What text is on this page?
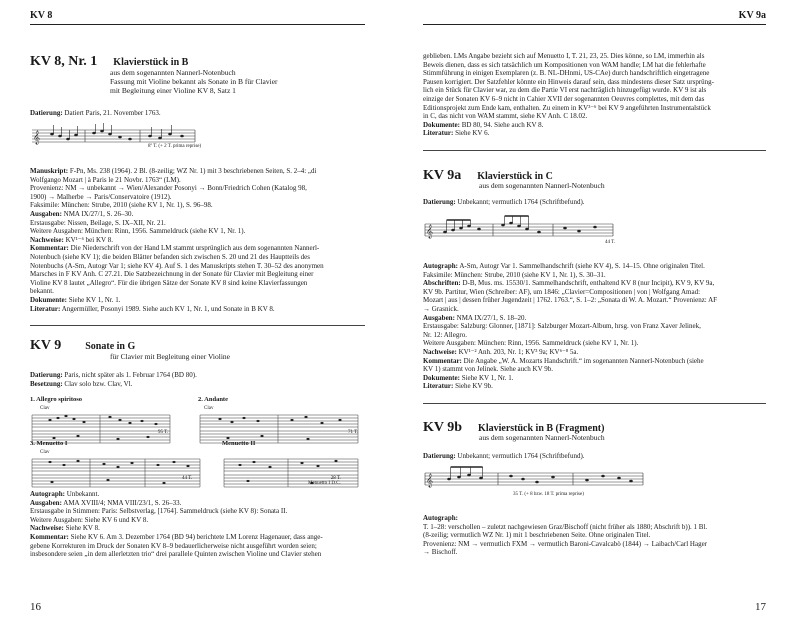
KV 8
KV 8, Nr. 1 Klavierstück in B

aus dem sogenannten Nannerl-Notenbuch

Fassung mit Violine bekannt als Sonate in B für Clavier

mit Begleitung einer Violine KV 8, Satz 1

Datierung: Datiert Paris, 21. November 1763.
𝄞
8º T. (+ 2 T. prima reprise)

Manuskript: F-Pn, Ms. 238 (1964). 2 Bl. (8-zeilig; WZ Nr. 1) mit 3 beschriebenen Seiten, S. 2–4: „di

Wolfgango Mozart | à Paris le 21 Novbr. 1763“ (LM).

Provenienz: NM → unbekannt → Wien/Alexander Posonyi → Bonn/Friedrich Cohen (Katalog 98,

1900) → Malherbe → Paris/Conservatoire (1912).

Faksimile: München: Strube, 2010 (siehe KV 1, Nr. 1), S. 96–98.

Ausgaben: NMA IX/27/1, S. 26–30.

Erstausgabe: Nissen, Beilage, S. IX–XII, Nr. 21.

Weitere Ausgaben: München: Rinn, 1956. Sammeldruck (siehe KV 1, Nr. 1).

Nachweise: KV¹⁻⁶ bei KV 8.

Kommentar: Die Niederschrift von der Hand LM stammt ursprünglich aus dem sogenannten Nannerl-

Notenbuch (siehe KV 1); die beiden Blätter befanden sich zwischen S. 20 und 21 des Hauptteils des

Notenbuchs (A-Sm, Autogr Var 1; siehe KV 4). Auf S. 1 des Manuskripts stehen T. 30–52 des anonymen

Marsches in F KV Anh. C 27.21. Die Satzbezeichnung in der Sonate für Clavier mit Begleitung einer

Violine KV 8 lautet „Allegro“. Für die übrigen Sätze der Sonate KV 8 sind keine Klavierfassungen

bekannt.

Dokumente: Siehe KV 1, Nr. 1.

Literatur: Angermüller, Posonyi 1989. Siehe auch KV 1, Nr. 1, und Sonate in B KV 8.

KV 9 Sonate in G

für Clavier mit Begleitung einer Violine

Datierung: Paris, nicht später als 1. Februar 1764 (BD 80).

Besetzung: Clav solo bzw. Clav, Vl.

1. Allegro spiritoso
Clav
95 T.
2. Andante
Clav
71 T.
3. Menuetto I
Clav
44 T.
Menuetto II
28 T.
Menuetto I D.C.

Autograph: Unbekannt.

Ausgaben: AMA XVIII/4; NMA VIII/23/1, S. 26–33.

Erstausgabe in Stimmen: Paris: Selbstverlag, [1764]. Sammeldruck (siehe KV 8): Sonata II.

Weitere Ausgaben: Siehe KV 6 und KV 8.

Nachweise: Siehe KV 8.

Kommentar: Siehe KV 6. Am 3. Dezember 1764 (BD 94) berichtete LM Lorenz Hagenauer, dass ange-

gebene Korrekturen im Druck der Sonaten KV 8–9 bedauerlicherweise nicht ausgeführt worden seien;

insbesondere seien „in dem allerletzten trio“ drei parallele Quinten zwischen Violine und Clavier stehen

16
KV 9a

geblieben. LMs Angabe bezieht sich auf Menuetto I, T. 21, 23, 25. Dies könne, so LM, immerhin als

Beweis dienen, dass es sich tatsächlich um Kompositionen von WAM handle; LM hat die fehlerhafte

Stimmführung in einigen Exemplaren (z. B. NL-DHnmi, US-CAe) durch handschriftlich eingetragene

Pausen korrigiert. Der Satzfehler könnte ein Hinweis darauf sein, dass mindestens dieser Satz ursprüng-

lich ein Stück für Clavier war, zu dem die Partie VI erst nachträglich hinzugefügt wurde. KV 9 ist als

einzige der Sonaten KV 6–9 nicht in Cahier XVII der sogenannten Oeuvres complettes, mit dem das

Editionsprojekt zum Ende kam, enthalten. Zu einem in KV³⁻⁶ bei KV 9 angeführten Instrumentalstück

in C, das nicht von WAM stammt, siehe KV Anh. C 18.02.

Dokumente: BD 80, 94. Siehe auch KV 8.

Literatur: Siehe KV 6.

KV 9a Klavierstück in C

aus dem sogenannten Nannerl-Notenbuch

Datierung: Unbekannt; vermutlich 1764 (Schriftbefund).
𝄞
44 T.

Autograph: A-Sm, Autogr Var 1. Sammelhandschrift (siehe KV 4), S. 14–15. Ohne originalen Titel.

Faksimile: München: Strube, 2010 (siehe KV 1, Nr. 1), S. 30–31.

Abschriften: D-B, Mus. ms. 15530/1. Sammelhandschrift, enthaltend KV 8 (nur Incipit), KV 9, KV 9a,

KV 9b. Partitur, Wien (Schreiber: AF), um 1846: „Clavier=Compositionen | von | Wolfgang Amad:

Mozart | aus | dessen früher Jugendzeit | 1762. 1763.“, S. 1–2: „Sonata di W. A. Mozart.“ Provenienz: AF

→ Grasnick.

Ausgaben: NMA IX/27/1, S. 18–20.

Erstausgabe: Salzburg: Glonner, [1871]: Salzburger Mozart-Album, hrsg. von Franz Xaver Jelinek,

Nr. 12: Allegro.

Weitere Ausgaben: München: Rinn, 1956. Sammeldruck (siehe KV 1, Nr. 1).

Nachweise: KV¹⁻² Anh. 203, Nr. 1; KV³ 9a; KV⁶⁻⁸ 5a.

Kommentar: Die Angabe „W. A. Mozarts Handschrift.“ im sogenannten Nannerl-Notenbuch (siehe

KV 1) stammt von Jelinek. Siehe auch KV 9b.

Dokumente: Siehe KV 1, Nr. 1.

Literatur: Siehe KV 9b.

KV 9b Klavierstück in B (Fragment)

aus dem sogenannten Nannerl-Notenbuch

Datierung: Unbekannt; vermutlich 1764 (Schriftbefund).
𝄞
35 T. (+ 8 bzw. 18 T. prima reprise)

Autograph:

T. 1–28: verschollen – zuletzt nachgewiesen Graz/Bischoff (nicht früher als 1880; Abschrift b)). 1 Bl.

(8-zeilig; vermutlich WZ Nr. 1) mit 1 beschriebenen Seite. Ohne originalen Titel.

Provenienz: NM → vermutlich FXM → vermutlich Baroni-Cavalcabò (1844) → Laibach/Carl Hager

→ Bischoff.

17
